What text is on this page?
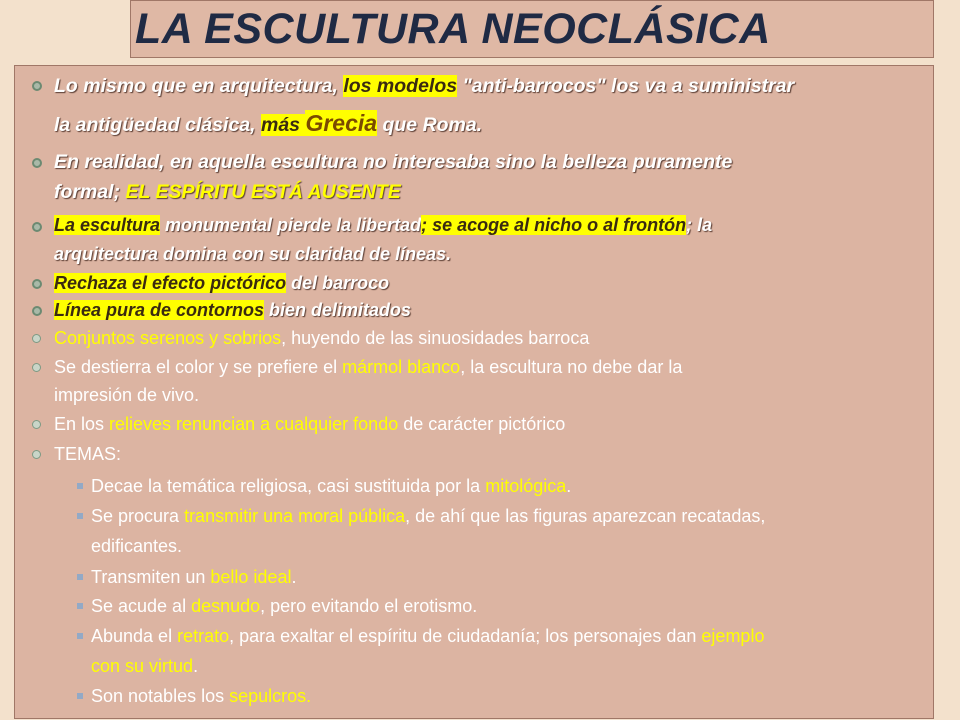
LA ESCULTURA NEOCLÁSICA
Lo mismo que en arquitectura, los modelos "anti-barrocos" los va a suministrar
la antigüedad clásica, más Grecia que Roma.
En realidad, en aquella escultura no interesaba sino la belleza puramente
formal; EL ESPÍRITU ESTÁ AUSENTE
La escultura monumental pierde la libertad; se acoge al nicho o al frontón; la
arquitectura domina con su claridad de líneas.
Rechaza el efecto pictórico del barroco
Línea pura de contornos bien delimitados
Conjuntos serenos y sobrios, huyendo de las sinuosidades barroca
Se destierra el color y se prefiere el mármol blanco, la escultura no debe dar la
impresión de vivo.
En los relieves renuncian a cualquier fondo de carácter pictórico
TEMAS:
Decae la temática religiosa, casi sustituida por la mitológica.
Se procura transmitir una moral pública, de ahí que las figuras aparezcan recatadas,
edificantes.
Transmiten un bello ideal.
Se acude al desnudo, pero evitando el erotismo.
Abunda el retrato, para exaltar el espíritu de ciudadanía; los personajes dan ejemplo
con su virtud.
Son notables los sepulcros.
